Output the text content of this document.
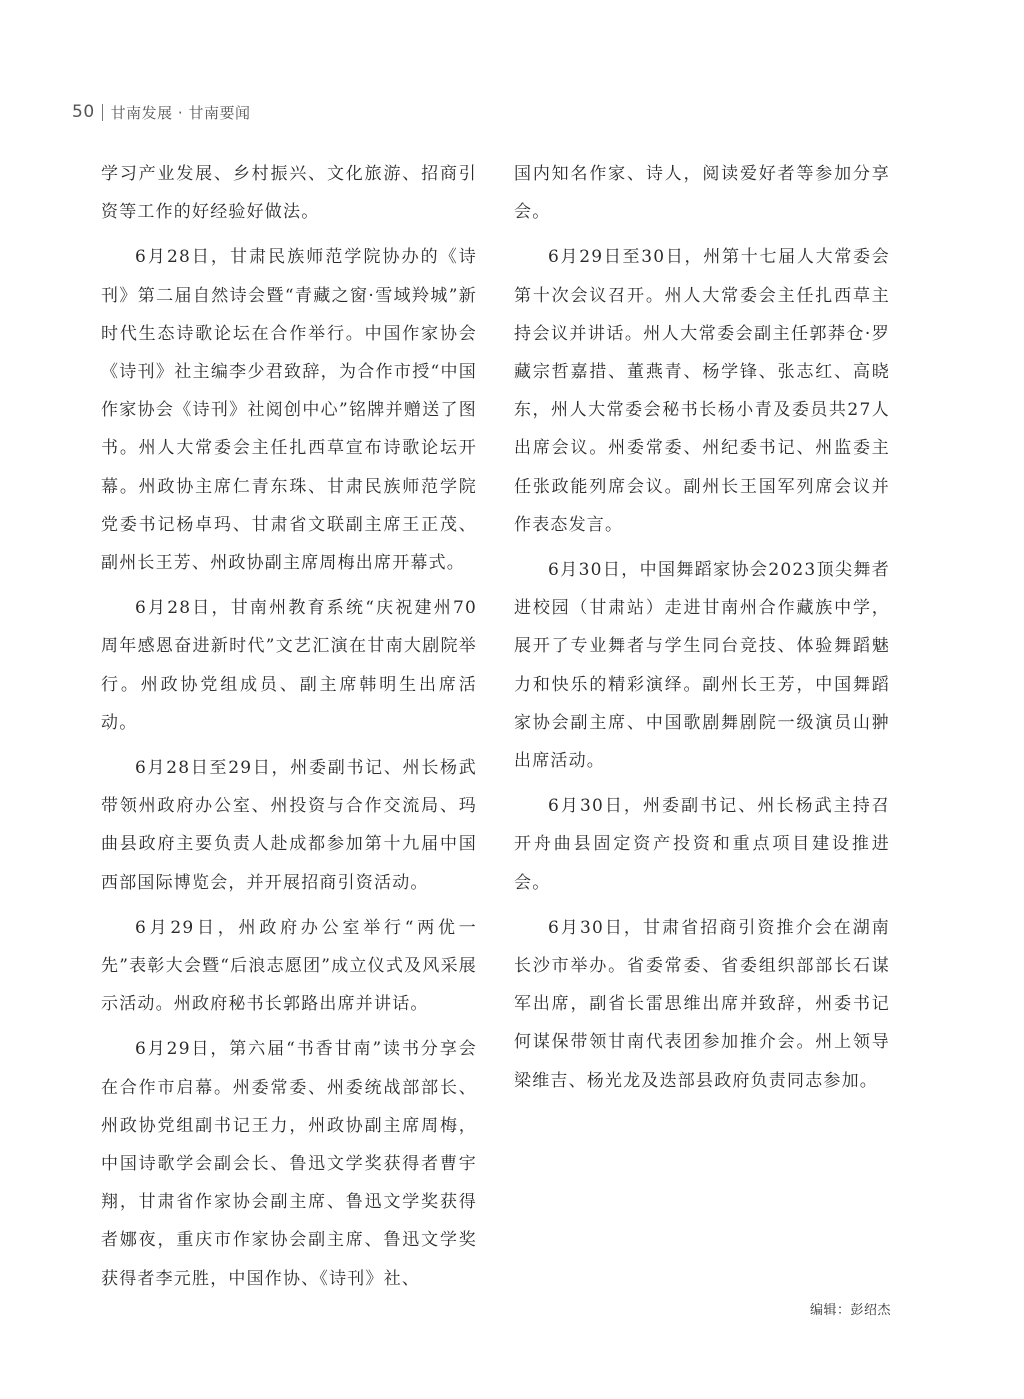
50 甘南发展 · 甘南要闻

学习产业发展、乡村振兴、文化旅游、招商引资等工作的好经验好做法。

6月28日，甘肃民族师范学院协办的《诗刊》第二届自然诗会暨“青藏之窗·雪域羚城”新时代生态诗歌论坛在合作举行。中国作家协会《诗刊》社主编李少君致辞，为合作市授“中国作家协会《诗刊》社阅创中心”铭牌并赠送了图书。州人大常委会主任扎西草宣布诗歌论坛开幕。州政协主席仁青东珠、甘肃民族师范学院党委书记杨卓玛、甘肃省文联副主席王正茂、副州长王芳、州政协副主席周梅出席开幕式。

6月28日，甘南州教育系统“庆祝建州70周年感恩奋进新时代”文艺汇演在甘南大剧院举行。州政协党组成员、副主席韩明生出席活动。

6月28日至29日，州委副书记、州长杨武带领州政府办公室、州投资与合作交流局、玛曲县政府主要负责人赴成都参加第十九届中国西部国际博览会，并开展招商引资活动。

6月29日，州政府办公室举行“两优一先”表彰大会暨“后浪志愿团”成立仪式及风采展示活动。州政府秘书长郭路出席并讲话。

6月29日，第六届“书香甘南”读书分享会在合作市启幕。州委常委、州委统战部部长、州政协党组副书记王力，州政协副主席周梅，中国诗歌学会副会长、鲁迅文学奖获得者曹宇翔，甘肃省作家协会副主席、鲁迅文学奖获得者娜夜，重庆市作家协会副主席、鲁迅文学奖获得者李元胜，中国作协、《诗刊》社、

国内知名作家、诗人，阅读爱好者等参加分享会。

6月29日至30日，州第十七届人大常委会第十次会议召开。州人大常委会主任扎西草主持会议并讲话。州人大常委会副主任郭莽仓·罗藏宗哲嘉措、董燕青、杨学锋、张志红、高晓东，州人大常委会秘书长杨小青及委员共27人出席会议。州委常委、州纪委书记、州监委主任张政能列席会议。副州长王国军列席会议并作表态发言。

6月30日，中国舞蹈家协会2023顶尖舞者进校园（甘肃站）走进甘南州合作藏族中学，展开了专业舞者与学生同台竞技、体验舞蹈魅力和快乐的精彩演绎。副州长王芳，中国舞蹈家协会副主席、中国歌剧舞剧院一级演员山翀出席活动。

6月30日，州委副书记、州长杨武主持召开舟曲县固定资产投资和重点项目建设推进会。

6月30日，甘肃省招商引资推介会在湖南长沙市举办。省委常委、省委组织部部长石谋军出席，副省长雷思维出席并致辞，州委书记何谋保带领甘南代表团参加推介会。州上领导梁维吉、杨光龙及迭部县政府负责同志参加。

编辑：彭绍杰
